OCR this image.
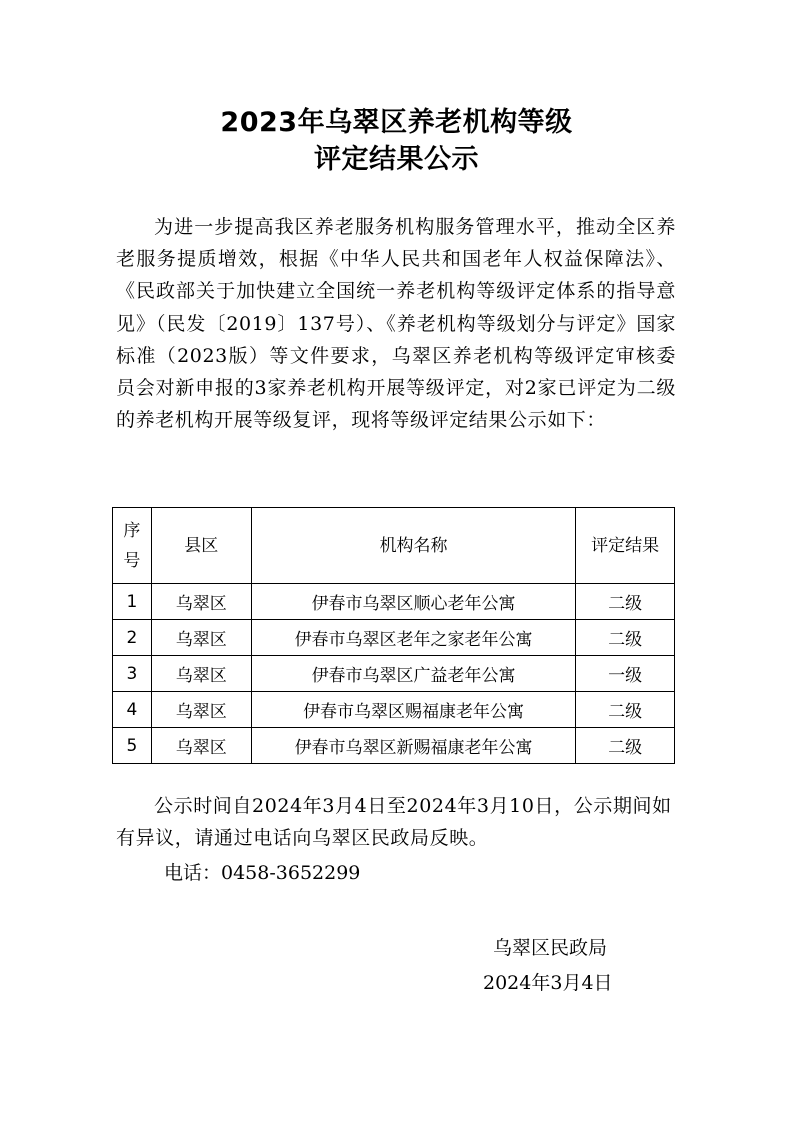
2023年乌翠区养老机构等级
评定结果公示
为进一步提高我区养老服务机构服务管理水平，推动全区养老服务提质增效，根据《中华人民共和国老年人权益保障法》、《民政部关于加快建立全国统一养老机构等级评定体系的指导意见》（民发〔2019〕137号）、《养老机构等级划分与评定》国家标准（2023版）等文件要求，乌翠区养老机构等级评定审核委员会对新申报的3家养老机构开展等级评定，对2家已评定为二级的养老机构开展等级复评，现将等级评定结果公示如下：
序号	县区	机构名称	评定结果
1	乌翠区	伊春市乌翠区顺心老年公寓	二级
2	乌翠区	伊春市乌翠区老年之家老年公寓	二级
3	乌翠区	伊春市乌翠区广益老年公寓	一级
4	乌翠区	伊春市乌翠区赐福康老年公寓	二级
5	乌翠区	伊春市乌翠区新赐福康老年公寓	二级
公示时间自2024年3月4日至2024年3月10日，公示期间如有异议，请通过电话向乌翠区民政局反映。
电话：0458-3652299
乌翠区民政局
2024年3月4日
